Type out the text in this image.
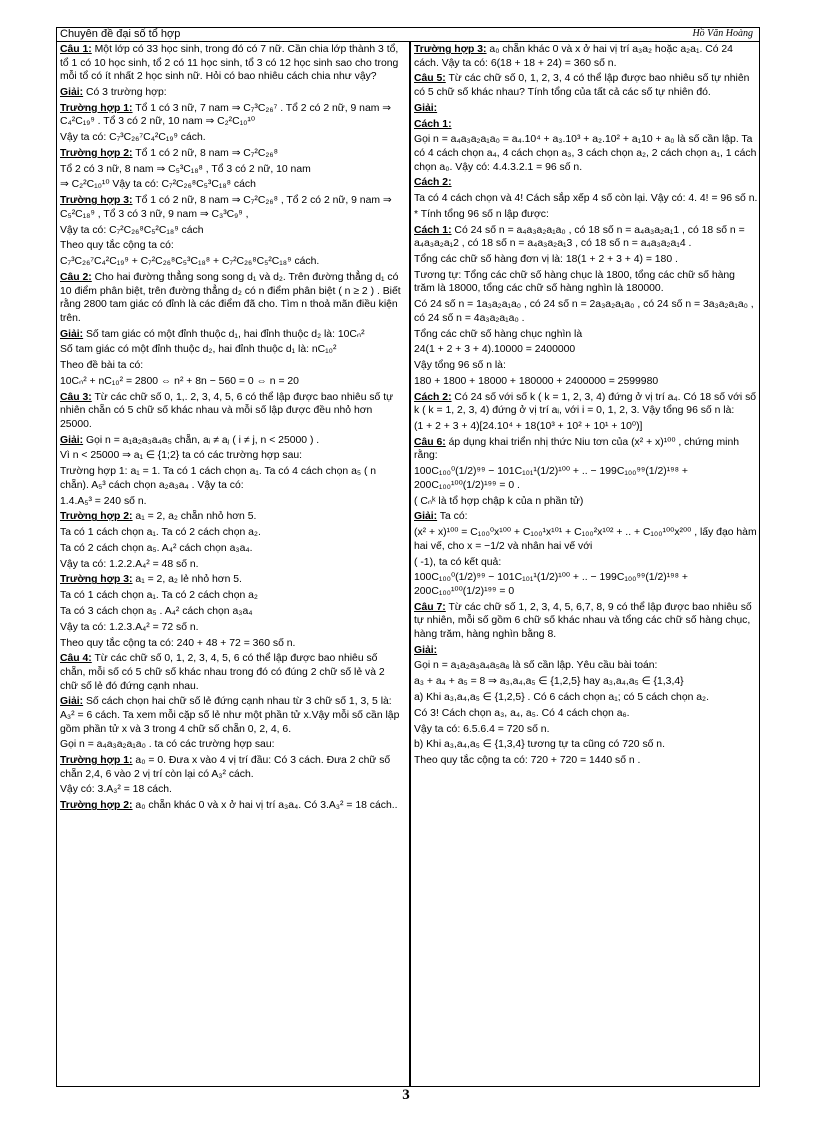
Chuyên đề đại số tổ hợp	Hồ Văn Hoàng

Câu 1: Một lớp có 33 học sinh, trong đó có 7 nữ. Cần chia lớp thành 3 tổ, tổ 1 có 10 học sinh, tổ 2 có 11 học sinh, tổ 3 có 12 học sinh sao cho trong mỗi tổ có ít nhất 2 học sinh nữ. Hỏi có bao nhiêu cách chia như vậy?

Giải: Có 3 trường hợp:

Trường hợp 1: Tổ 1 có 3 nữ, 7 nam ⇒ C₇³C₂₆⁷ . Tổ 2 có 2 nữ, 9 nam ⇒ C₄²C₁₉⁹ . Tổ 3 có 2 nữ, 10 nam ⇒ C₂²C₁₀¹⁰

Vậy ta có: C₇³C₂₆⁷C₄²C₁₉⁹ cách.

Trường hợp 2: Tổ 1 có 2 nữ, 8 nam ⇒ C₇²C₂₆⁸

Tổ 2 có 3 nữ, 8 nam ⇒ C₅³C₁₈⁸ , Tổ 3 có 2 nữ, 10 nam

⇒ C₂²C₁₀¹⁰ Vậy ta có: C₇²C₂₆⁸C₅³C₁₈⁸ cách

Trường hợp 3: Tổ 1 có 2 nữ, 8 nam ⇒ C₇²C₂₆⁸ , Tổ 2 có 2 nữ, 9 nam ⇒ C₅²C₁₈⁹ , Tổ 3 có 3 nữ, 9 nam ⇒ C₃³C₉⁹ ,

Vậy ta có: C₇²C₂₆⁸C₅²C₁₈⁹ cách

Theo quy tắc cộng ta có:

C₇³C₂₆⁷C₄²C₁₉⁹ + C₇²C₂₆⁸C₅³C₁₈⁸ + C₇²C₂₆⁸C₅²C₁₈⁹ cách.

Câu 2: Cho hai đường thẳng song song d₁ và d₂. Trên đường thẳng d₁ có 10 điểm phân biệt, trên đường thẳng d₂ có n điểm phân biệt ( n ≥ 2 ) . Biết rằng 2800 tam giác có đỉnh là các điểm đã cho. Tìm n thoả mãn điều kiện trên.

Giải: Số tam giác có một đỉnh thuộc d₁, hai đỉnh thuộc d₂ là: 10Cₙ²

Số tam giác có một đỉnh thuộc d₂, hai đỉnh thuộc d₁ là: nC₁₀²

Theo đề bài ta có:

10Cₙ² + nC₁₀² = 2800 ⇔ n² + 8n − 560 = 0 ⇔ n = 20

Câu 3: Từ các chữ số 0, 1,. 2, 3, 4, 5, 6 có thể lập được bao nhiêu số tự nhiên chẵn có 5 chữ số khác nhau và mỗi số lập được đều nhỏ hơn 25000.

Giải: Gọi n = a₁a₂a₃a₄a₅ chẵn, aᵢ ≠ aⱼ ( i ≠ j, n < 25000 ) .

Vì n < 25000 ⇒ a₁ ∈ {1;2} ta có các trường hợp sau:

Trường hợp 1: a₁ = 1. Ta có 1 cách chọn a₁. Ta có 4 cách chọn a₅ ( n chẵn). A₅³ cách chọn a₂a₃a₄ . Vậy ta có:

1.4.A₅³ = 240 số n.

Trường hợp 2: a₁ = 2, a₂ chẵn nhỏ hơn 5.

Ta có 1 cách chọn a₁. Ta có 2 cách chọn a₂.

Ta có 2 cách chọn a₅. A₄² cách chọn a₃a₄.

Vậy ta có: 1.2.2.A₄² = 48 số n.

Trường hợp 3: a₁ = 2, a₂ lẻ nhỏ hơn 5.

Ta có 1 cách chọn a₁. Ta có 2 cách chọn a₂

Ta có 3 cách chọn a₅ . A₄² cách chọn a₃a₄

Vậy ta có: 1.2.3.A₄² = 72 số n.

Theo quy tắc cộng ta có: 240 + 48 + 72 = 360 số n.

Câu 4: Từ các chữ số 0, 1, 2, 3, 4, 5, 6 có thể lập được bao nhiêu số chẵn, mỗi số có 5 chữ số khác nhau trong đó có đúng 2 chữ số lẻ và 2 chữ số lẻ đó đứng cạnh nhau.

Giải: Số cách chọn hai chữ số lẻ đứng cạnh nhau từ 3 chữ số 1, 3, 5 là: A₃² = 6 cách. Ta xem mỗi cặp số lẻ như một phần tử x.Vậy mỗi số cần lập gồm phần tử x và 3 trong 4 chữ số chẵn 0, 2, 4, 6.

Gọi n = a₄a₃a₂a₁a₀ . ta có các trường hợp sau:

Trường hợp 1: a₀ = 0. Đưa x vào 4 vị trí đầu: Có 3 cách. Đưa 2 chữ số chẵn 2,4, 6 vào 2 vị trí còn lại có A₃² cách.

Vậy có: 3.A₃² = 18 cách.

Trường hợp 2: a₀ chẵn khác 0 và x ở hai vị trí a₃a₄. Có 3.A₃² = 18 cách..

Trường hợp 3: a₀ chẵn khác 0 và x ở hai vị trí a₃a₂ hoặc a₂a₁. Có 24 cách. Vậy ta có: 6(18 + 18 + 24) = 360 số n.

Câu 5: Từ các chữ số 0, 1, 2, 3, 4 có thể lập được bao nhiêu số tự nhiên có 5 chữ số khác nhau? Tính tổng của tất cả các số tự nhiên đó.

Giải:

Cách 1:

Gọi n = a₄a₃a₂a₁a₀ = a₄.10⁴ + a₃.10³ + a₂.10² + a₁10 + a₀ là số cần lập. Ta có 4 cách chọn a₄, 4 cách chọn a₃, 3 cách chọn a₂, 2 cách chọn a₁, 1 cách chọn a₀. Vậy có: 4.4.3.2.1 = 96 số n.

Cách 2:

Ta có 4 cách chọn và 4! Cách sắp xếp 4 số còn lại. Vậy có: 4. 4! = 96 số n.

* Tính tổng 96 số n lập được:

Cách 1: Có 24 số n = a₄a₃a₂a₁a₀ , có 18 số n = a₄a₃a₂a₁1 , có 18 số n = a₄a₃a₂a₁2 , có 18 số n = a₄a₃a₂a₁3 , có 18 số n = a₄a₃a₂a₁4 .

Tổng các chữ số hàng đơn vị là: 18(1 + 2 + 3 + 4) = 180 .

Tương tự: Tổng các chữ số hàng chục là 1800, tổng các chữ số hàng trăm là 18000, tổng các chữ số hàng nghìn là 180000.

Có 24 số n = 1a₃a₂a₁a₀ , có 24 số n = 2a₃a₂a₁a₀ , có 24 số n = 3a₃a₂a₁a₀ , có 24 số n = 4a₃a₂a₁a₀ .

Tổng các chữ số hàng chục nghìn là

24(1 + 2 + 3 + 4).10000 = 2400000

Vậy tổng 96 số n là:

180 + 1800 + 18000 + 180000 + 2400000 = 2599980

Cách 2: Có 24 số với số k ( k = 1, 2, 3, 4) đứng ở vị trí a₄. Có 18 số với số k ( k = 1, 2, 3, 4) đứng ở vị trí aᵢ, với i = 0, 1, 2, 3. Vậy tổng 96 số n là:

(1 + 2 + 3 + 4)[24.10⁴ + 18(10³ + 10² + 10¹ + 10⁰)]

Câu 6: áp dụng khai triển nhị thức Niu tơn của (x² + x)¹⁰⁰ , chứng minh rằng:

100C₁₀₀⁰(1/2)⁹⁹ − 101C₁₀₁¹(1/2)¹⁰⁰ + .. − 199C₁₀₀⁹⁹(1/2)¹⁹⁸ + 200C₁₀₀¹⁰⁰(1/2)¹⁹⁹ = 0 .

( Cₙᵏ là tổ hợp chập k của n phần tử)

Giải: Ta có:

(x² + x)¹⁰⁰ = C₁₀₀⁰x¹⁰⁰ + C₁₀₀¹x¹⁰¹ + C₁₀₀²x¹⁰² + .. + C₁₀₀¹⁰⁰x²⁰⁰ , lấy đạo hàm hai vế, cho x = −1/2 và nhân hai vế với

( -1), ta có kết quả:

100C₁₀₀⁰(1/2)⁹⁹ − 101C₁₀₁¹(1/2)¹⁰⁰ + .. − 199C₁₀₀⁹⁹(1/2)¹⁹⁸ + 200C₁₀₀¹⁰⁰(1/2)¹⁹⁹ = 0

Câu 7: Từ các chữ số 1, 2, 3, 4, 5, 6,7, 8, 9 có thể lập được bao nhiêu số tự nhiên, mỗi số gồm 6 chữ số khác nhau và tổng các chữ số hàng chục, hàng trăm, hàng nghìn bằng 8.

Giải:

Gọi n = a₁a₂a₃a₄a₅a₆ là số cần lập. Yêu cầu bài toán:

a₃ + a₄ + a₅ = 8 ⇒ a₃,a₄,a₅ ∈ {1,2,5} hay a₃,a₄,a₅ ∈ {1,3,4}

a) Khi a₃,a₄,a₅ ∈ {1,2,5} . Có 6 cách chọn a₁; có 5 cách chọn a₂.

Có 3! Cách chọn a₃, a₄, a₅. Có 4 cách chọn a₆.

Vậy ta có: 6.5.6.4 = 720 số n.

b) Khi a₃,a₄,a₅ ∈ {1,3,4} tương tự ta cũng có 720 số n.

Theo quy tắc cộng ta có: 720 + 720 = 1440 số n .

3
